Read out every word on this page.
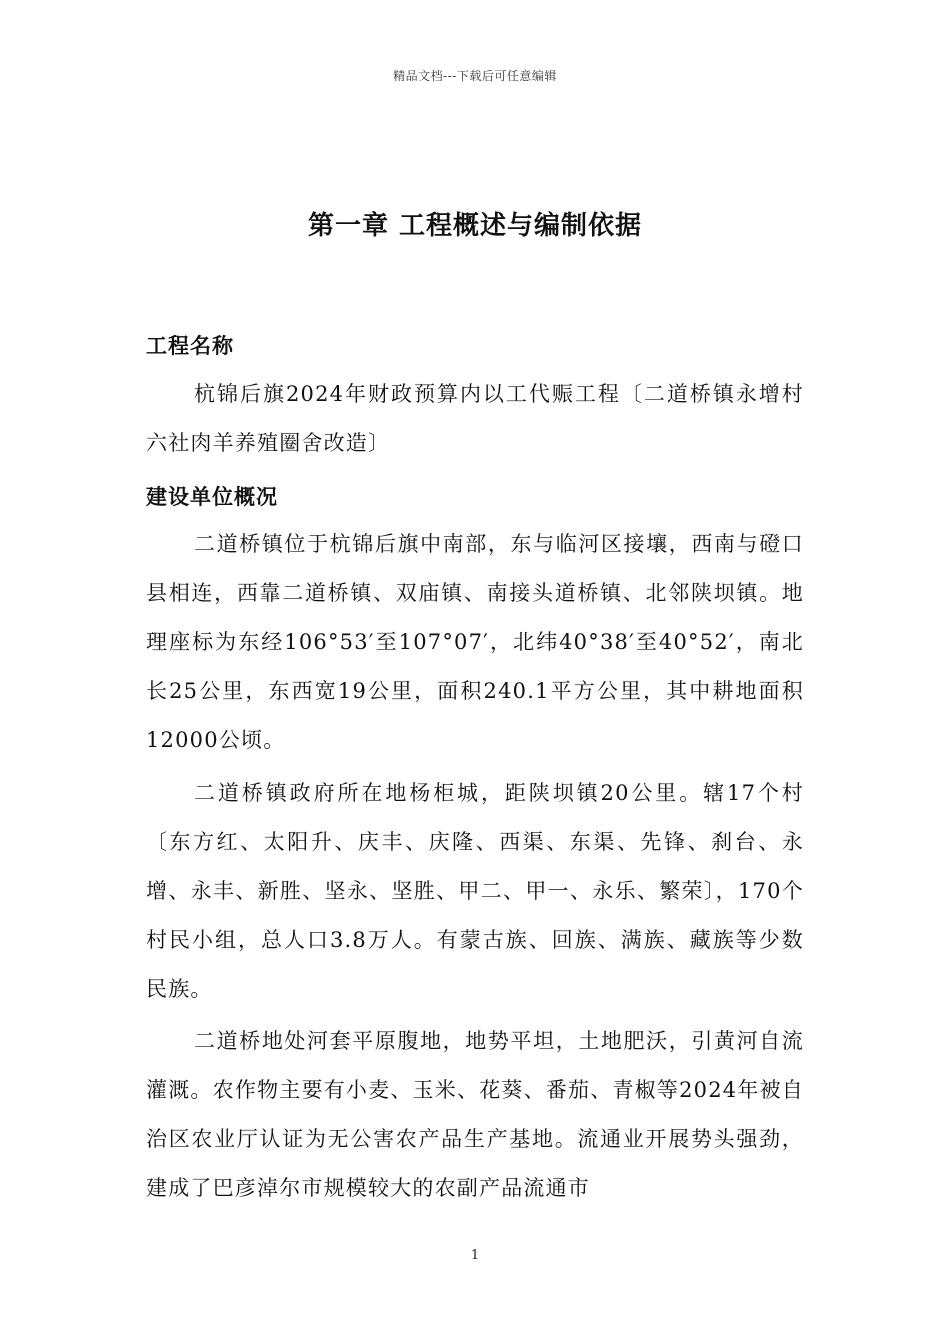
精品文档---下载后可任意编辑
第一章 工程概述与编制依据
工程名称

杭锦后旗2024年财政预算内以工代赈工程〔二道桥镇永增村六社肉羊养殖圈舍改造〕

建设单位概况

二道桥镇位于杭锦后旗中南部，东与临河区接壤，西南与磴口县相连，西靠二道桥镇、双庙镇、南接头道桥镇、北邻陕坝镇。地理座标为东经106°53′至107°07′，北纬40°38′至40°52′，南北长25公里，东西宽19公里，面积240.1平方公里，其中耕地面积12000公顷。

二道桥镇政府所在地杨柜城，距陕坝镇20公里。辖17个村〔东方红、太阳升、庆丰、庆隆、西渠、东渠、先锋、刹台、永增、永丰、新胜、坚永、坚胜、甲二、甲一、永乐、繁荣〕，170个村民小组，总人口3.8万人。有蒙古族、回族、满族、藏族等少数民族。

二道桥地处河套平原腹地，地势平坦，土地肥沃，引黄河自流灌溉。农作物主要有小麦、玉米、花葵、番茄、青椒等2024年被自治区农业厅认证为无公害农产品生产基地。流通业开展势头强劲，建成了巴彦淖尔市规模较大的农副产品流通市

1
